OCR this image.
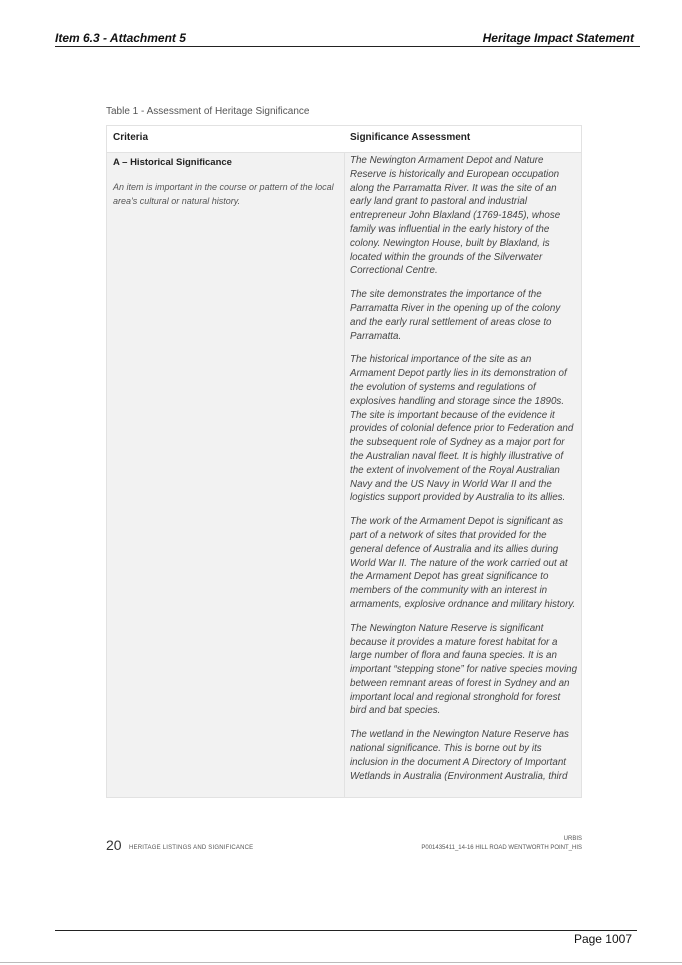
Item 6.3 - Attachment 5	Heritage Impact Statement
Table 1 - Assessment of Heritage Significance
Criteria	Significance Assessment
A – Historical Significance
An item is important in the course or pattern of the local area's cultural or natural history.

The Newington Armament Depot and Nature Reserve is historically and European occupation along the Parramatta River. It was the site of an early land grant to pastoral and industrial entrepreneur John Blaxland (1769-1845), whose family was influential in the early history of the colony. Newington House, built by Blaxland, is located within the grounds of the Silverwater Correctional Centre.

The site demonstrates the importance of the Parramatta River in the opening up of the colony and the early rural settlement of areas close to Parramatta.

The historical importance of the site as an Armament Depot partly lies in its demonstration of the evolution of systems and regulations of explosives handling and storage since the 1890s. The site is important because of the evidence it provides of colonial defence prior to Federation and the subsequent role of Sydney as a major port for the Australian naval fleet. It is highly illustrative of the extent of involvement of the Royal Australian Navy and the US Navy in World War II and the logistics support provided by Australia to its allies.

The work of the Armament Depot is significant as part of a network of sites that provided for the general defence of Australia and its allies during World War II. The nature of the work carried out at the Armament Depot has great significance to members of the community with an interest in armaments, explosive ordnance and military history.

The Newington Nature Reserve is significant because it provides a mature forest habitat for a large number of flora and fauna species. It is an important “stepping stone” for native species moving between remnant areas of forest in Sydney and an important local and regional stronghold for forest bird and bat species.

The wetland in the Newington Nature Reserve has national significance. This is borne out by its inclusion in the document A Directory of Important Wetlands in Australia (Environment Australia, third

20 HERITAGE LISTINGS AND SIGNIFICANCE
URBIS
P0014354​11_14-16 HILL ROAD WENTWORTH POINT_HIS
Page 1007
